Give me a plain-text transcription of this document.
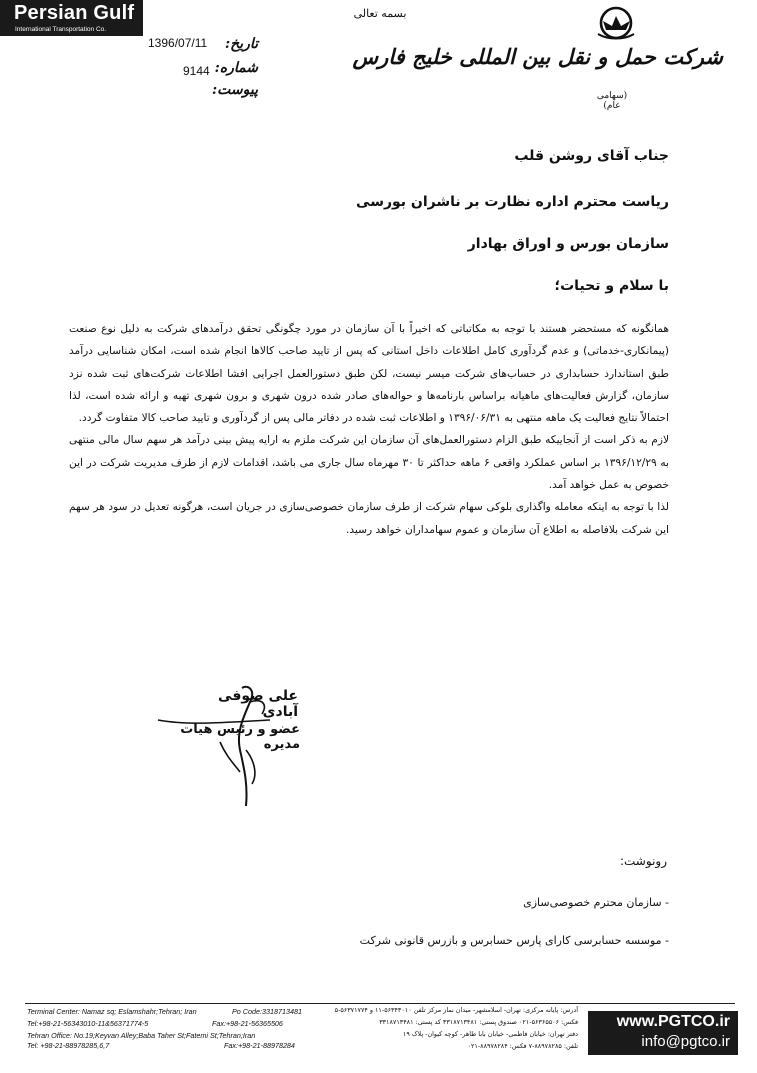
Persian Gulf
International Transportation Co.
بسمه تعالی
تاریخ:
1396/07/11
شماره:
9144
پیوست:
شرکت حمل و نقل بین المللی خلیج فارس
(سهامی عام)
جناب آقای روشن قلب
ریاست محترم اداره نظارت بر ناشران بورسی
سازمان بورس و اوراق بهادار
با سلام و تحیات؛

همانگونه که مستحضر هستند با توجه به مکاتباتی که اخیراً با آن سازمان در مورد چگونگی تحقق درآمدهای شرکت به دلیل نوع صنعت (پیمانکاری-خدماتی) و عدم گردآوری کامل اطلاعات داخل استانی که پس از تایید صاحب کالاها انجام شده است، امکان شناسایی درآمد طبق استاندارد حسابداری در حساب‌های شرکت میسر نیست، لکن طبق دستورالعمل اجرایی افشا اطلاعات شرکت‌های ثبت شده نزد سازمان، گزارش فعالیت‌های ماهیانه براساس بارنامه‌ها و حواله‌های صادر شده درون شهری و برون شهری تهیه و ارائه شده است، لذا احتمالاً نتایج فعالیت یک ماهه منتهی به ۱۳۹۶/۰۶/۳۱ و اطلاعات ثبت شده در دفاتر مالی پس از گردآوری و تایید صاحب کالا متفاوت گردد.

لازم به ذکر است از آنجاییکه طبق الزام دستورالعمل‌های آن سازمان این شرکت ملزم به ارایه پیش بینی درآمد هر سهم سال مالی منتهی به ۱۳۹۶/۱۲/۲۹ بر اساس عملکرد واقعی ۶ ماهه حداکثر تا ۳۰ مهرماه سال جاری می باشد، اقدامات لازم از طرف مدیریت شرکت در این خصوص به عمل خواهد آمد.

لذا با توجه به اینکه معامله واگذاری بلوکی سهام شرکت از طرف سازمان خصوصی‌سازی در جریان است، هرگونه تعدیل در سود هر سهم این شرکت بلافاصله به اطلاع آن سازمان و عموم سهامداران خواهد رسید.

علی صوفی آبادی
عضو و رئیس هیات مدیره
رونوشت:
- سازمان محترم خصوصی‌سازی
- موسسه حسابرسی کارای پارس حسابرس و بازرس قانونی شرکت
Terminal Center: Namaz sq; Eslamshahr;Tehran; Iran	Po Code:3318713481
Tel:+98-21-56343010-11&56371774-5	Fax:+98-21-56365506
Tehran Office: No.19;Keyvan Alley;Baba Taher St;Fatemi St;Tehran;Iran
Tel: +98-21-88978285,6,7	Fax:+98-21-88978284
آدرس: پایانه مرکزی: تهران- اسلامشهر- میدان نماز مرکز تلفن ۵۶۳۴۳۰۱۰-۱۱ و ۵۶۳۷۱۷۷۴-۵
فکس: ۵۶۳۶۵۵۰۶-۰۲۱ صندوق پستی: ۳۳۱۸۷۱۳۴۸۱ کد پستی: ۳۳۱۸۷۱۳۴۸۱
دفتر تهران: خیابان فاطمی- خیابان بابا طاهر- کوچه کیوان- پلاک ۱۹
تلفن: ۸۸۹۷۸۲۸۵-۷ فکس: ۸۸۹۷۸۲۸۴-۰۲۱
www.PGTCO.ir
info@pgtco.ir
